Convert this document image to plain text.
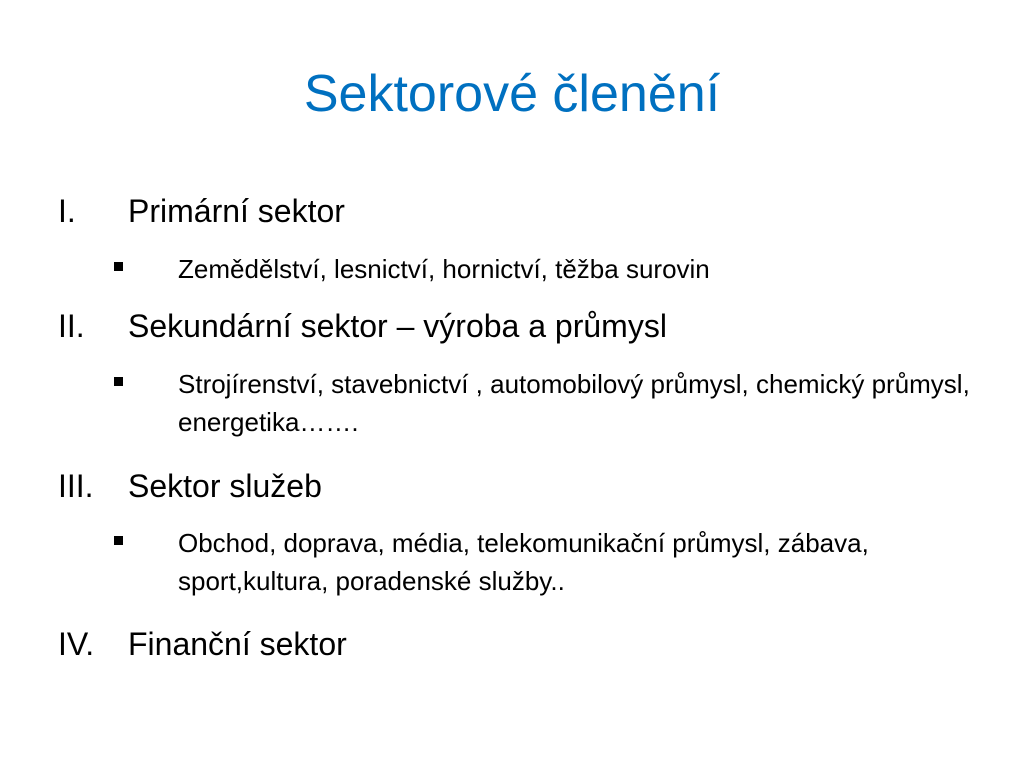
Sektorové členění
I.	Primární sektor
Zemědělství, lesnictví, hornictví, těžba surovin
II.	Sekundární sektor – výroba a průmysl
Strojírenství, stavebnictví , automobilový průmysl, chemický průmysl, energetika…….
III.	Sektor služeb
Obchod, doprava, média, telekomunikační průmysl, zábava, sport,kultura, poradenské služby..
IV.	Finanční sektor
